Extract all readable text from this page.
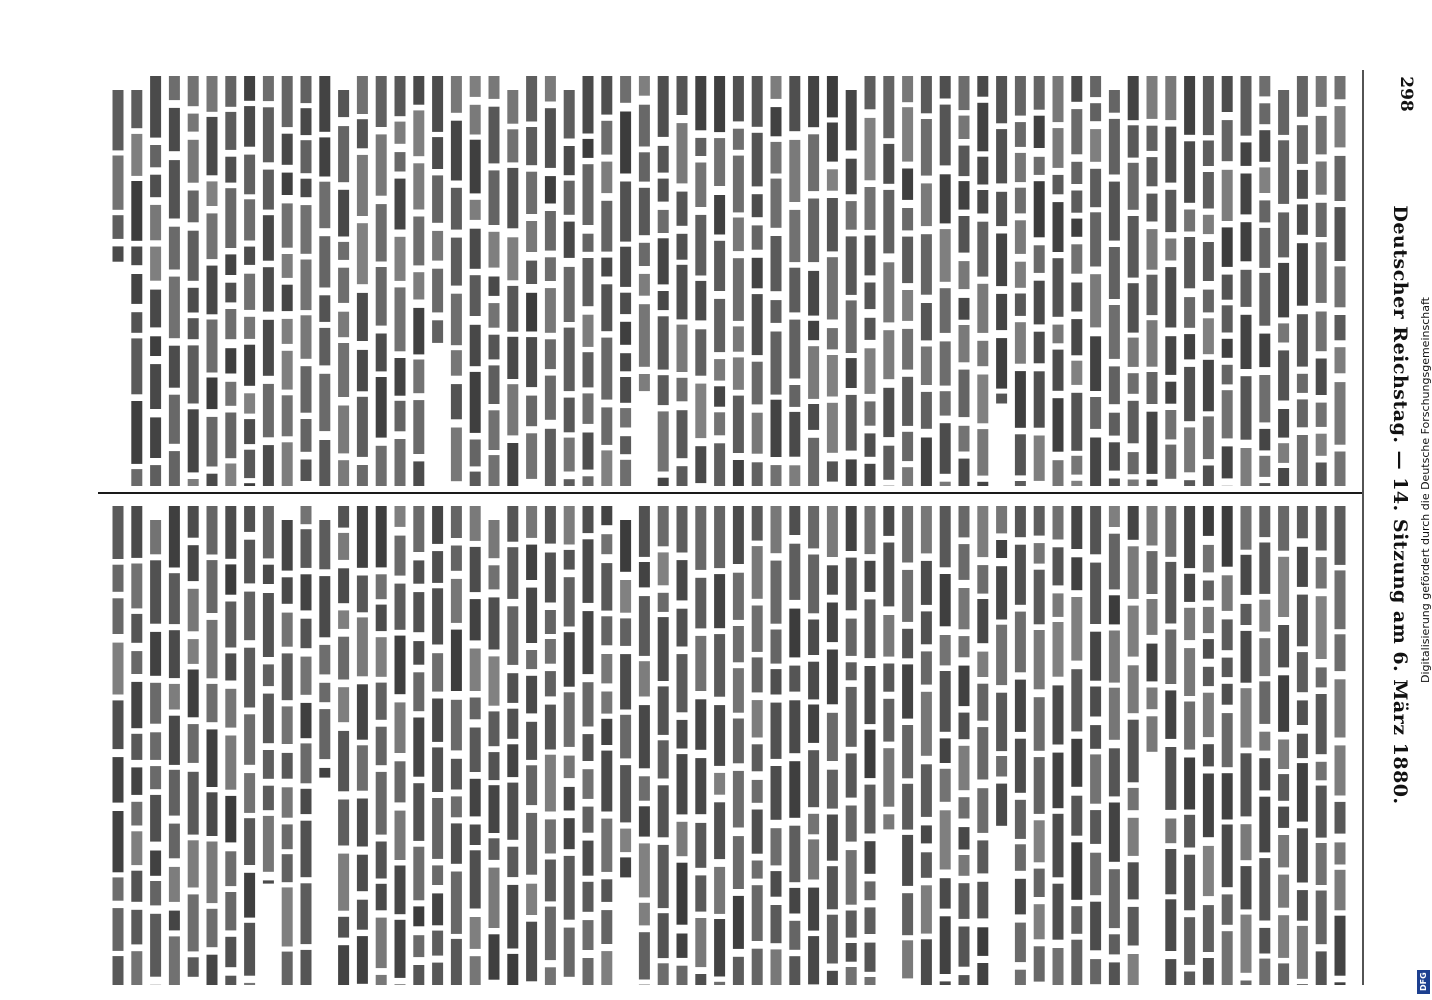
298
Deutscher Reichstag. — 14. Sitzung am 6. März 1880. Digitalisierung gefördert durch die Deutsche Forschungsgemeinschaft
DFG
